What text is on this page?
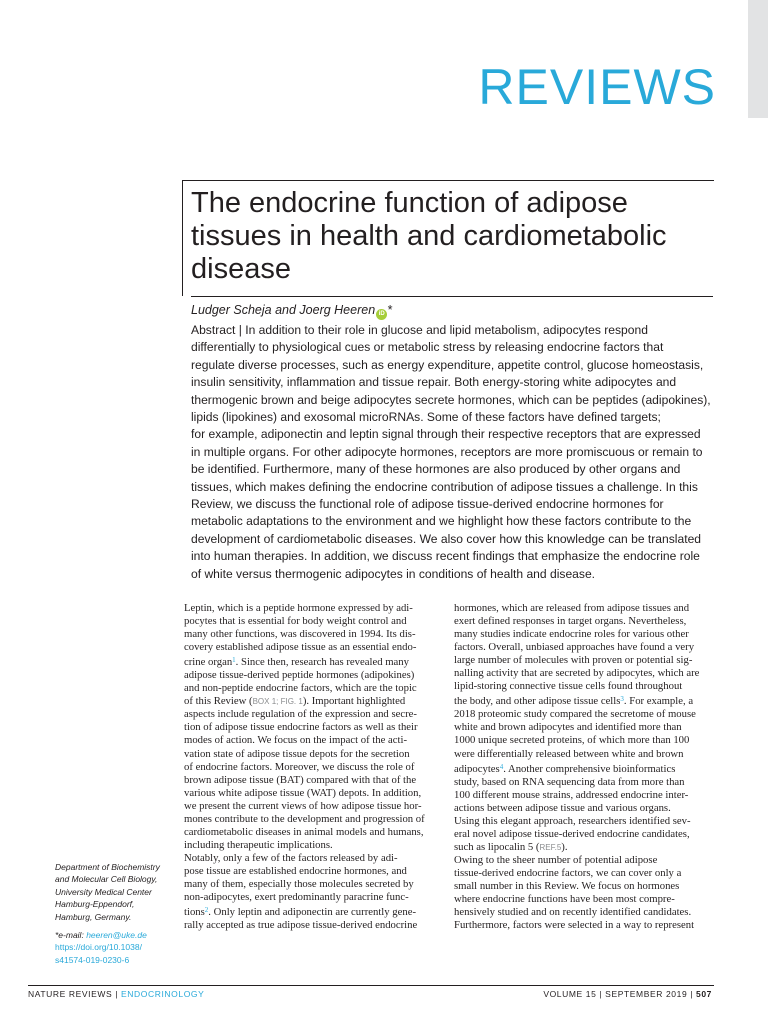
REVIEWS
The endocrine function of adipose tissues in health and cardiometabolic disease
Ludger Scheja and Joerg Heeren iD *

Abstract | In addition to their role in glucose and lipid metabolism, adipocytes respond

differentially to physiological cues or metabolic stress by releasing endocrine factors that

regulate diverse processes, such as energy expenditure, appetite control, glucose homeostasis,

insulin sensitivity, inflammation and tissue repair. Both energy-storing white adipocytes and

thermogenic brown and beige adipocytes secrete hormones, which can be peptides (adipokines),

lipids (lipokines) and exosomal microRNAs. Some of these factors have defined targets;

for example, adiponectin and leptin signal through their respective receptors that are expressed

in multiple organs. For other adipocyte hormones, receptors are more promiscuous or remain to

be identified. Furthermore, many of these hormones are also produced by other organs and

tissues, which makes defining the endocrine contribution of adipose tissues a challenge. In this

Review, we discuss the functional role of adipose tissue-derived endocrine hormones for

metabolic adaptations to the environment and we highlight how these factors contribute to the

development of cardiometabolic diseases. We also cover how this knowledge can be translated

into human therapies. In addition, we discuss recent findings that emphasize the endocrine role

of white versus thermogenic adipocytes in conditions of health and disease.

Leptin, which is a peptide hormone expressed by adi-

pocytes that is essential for body weight control and

many other functions, was discovered in 1994. Its dis-

covery established adipose tissue as an essential endo-

crine organ$^1$. Since then, research has revealed many

adipose tissue-derived peptide hormones (adipokines)

and non-peptide endocrine factors, which are the topic

of this Review (BOX 1; FIG. 1). Important highlighted

aspects include regulation of the expression and secre-

tion of adipose tissue endocrine factors as well as their

modes of action. We focus on the impact of the acti-

vation state of adipose tissue depots for the secretion

of endocrine factors. Moreover, we discuss the role of

brown adipose tissue (BAT) compared with that of the

various white adipose tissue (WAT) depots. In addition,

we present the current views of how adipose tissue hor-

mones contribute to the development and progression of

cardiometabolic diseases in animal models and humans,

including therapeutic implications.

Notably, only a few of the factors released by adi-

pose tissue are established endocrine hormones, and

many of them, especially those molecules secreted by

non-adipocytes, exert predominantly paracrine func-

tions$^2$. Only leptin and adiponectin are currently gene-

rally accepted as true adipose tissue-derived endocrine

hormones, which are released from adipose tissues and

exert defined responses in target organs. Nevertheless,

many studies indicate endocrine roles for various other

factors. Overall, unbiased approaches have found a very

large number of molecules with proven or potential sig-

nalling activity that are secreted by adipocytes, which are

lipid-storing connective tissue cells found throughout

the body, and other adipose tissue cells$^3$. For example, a

2018 proteomic study compared the secretome of mouse

white and brown adipocytes and identified more than

1000 unique secreted proteins, of which more than 100

were differentially released between white and brown

adipocytes$^4$. Another comprehensive bioinformatics

study, based on RNA sequencing data from more than

100 different mouse strains, addressed endocrine inter-

actions between adipose tissue and various organs.

Using this elegant approach, researchers identified sev-

eral novel adipose tissue-derived endocrine candidates,

such as lipocalin 5 (REF.5).

Owing to the sheer number of potential adipose

tissue-derived endocrine factors, we can cover only a

small number in this Review. We focus on hormones

where endocrine functions have been most compre-

hensively studied and on recently identified candidates.

Furthermore, factors were selected in a way to represent

Department of Biochemistry

and Molecular Cell Biology,

University Medical Center

Hamburg-Eppendorf,

Hamburg, Germany.

*e-mail: heeren@uke.de

https://doi.org/10.1038/

s41574-019-0230-6

NATURE REVIEWS | ENDOCRINOLOGY	VOLUME 15 | SEPTEMBER 2019 | 507
